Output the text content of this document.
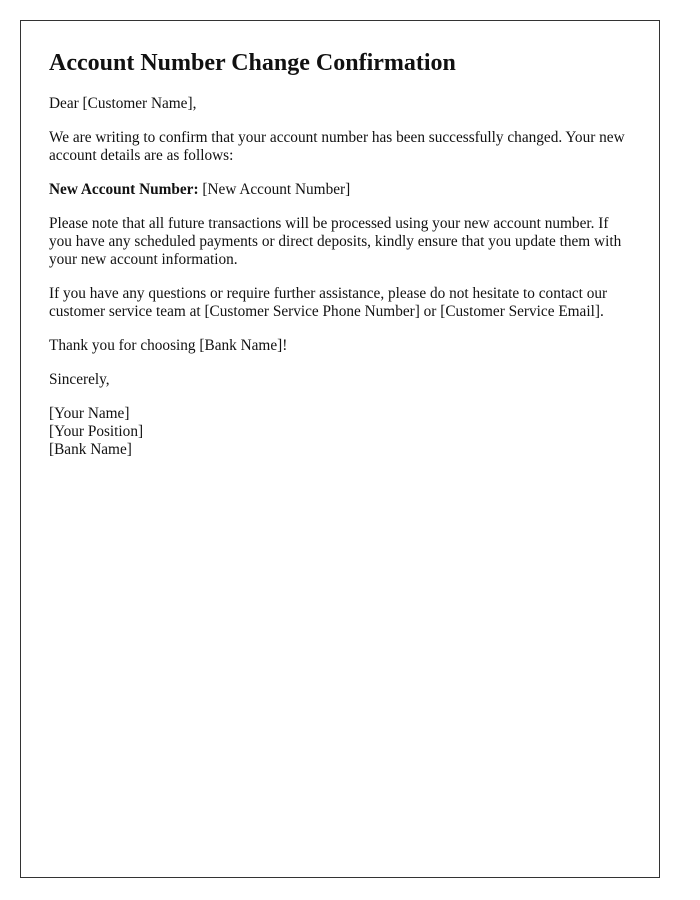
Account Number Change Confirmation

Dear [Customer Name],

We are writing to confirm that your account number has been successfully changed. Your new account details are as follows:

New Account Number: [New Account Number]

Please note that all future transactions will be processed using your new account number. If you have any scheduled payments or direct deposits, kindly ensure that you update them with your new account information.

If you have any questions or require further assistance, please do not hesitate to contact our customer service team at [Customer Service Phone Number] or [Customer Service Email].

Thank you for choosing [Bank Name]!

Sincerely,

[Your Name]
[Your Position]
[Bank Name]
